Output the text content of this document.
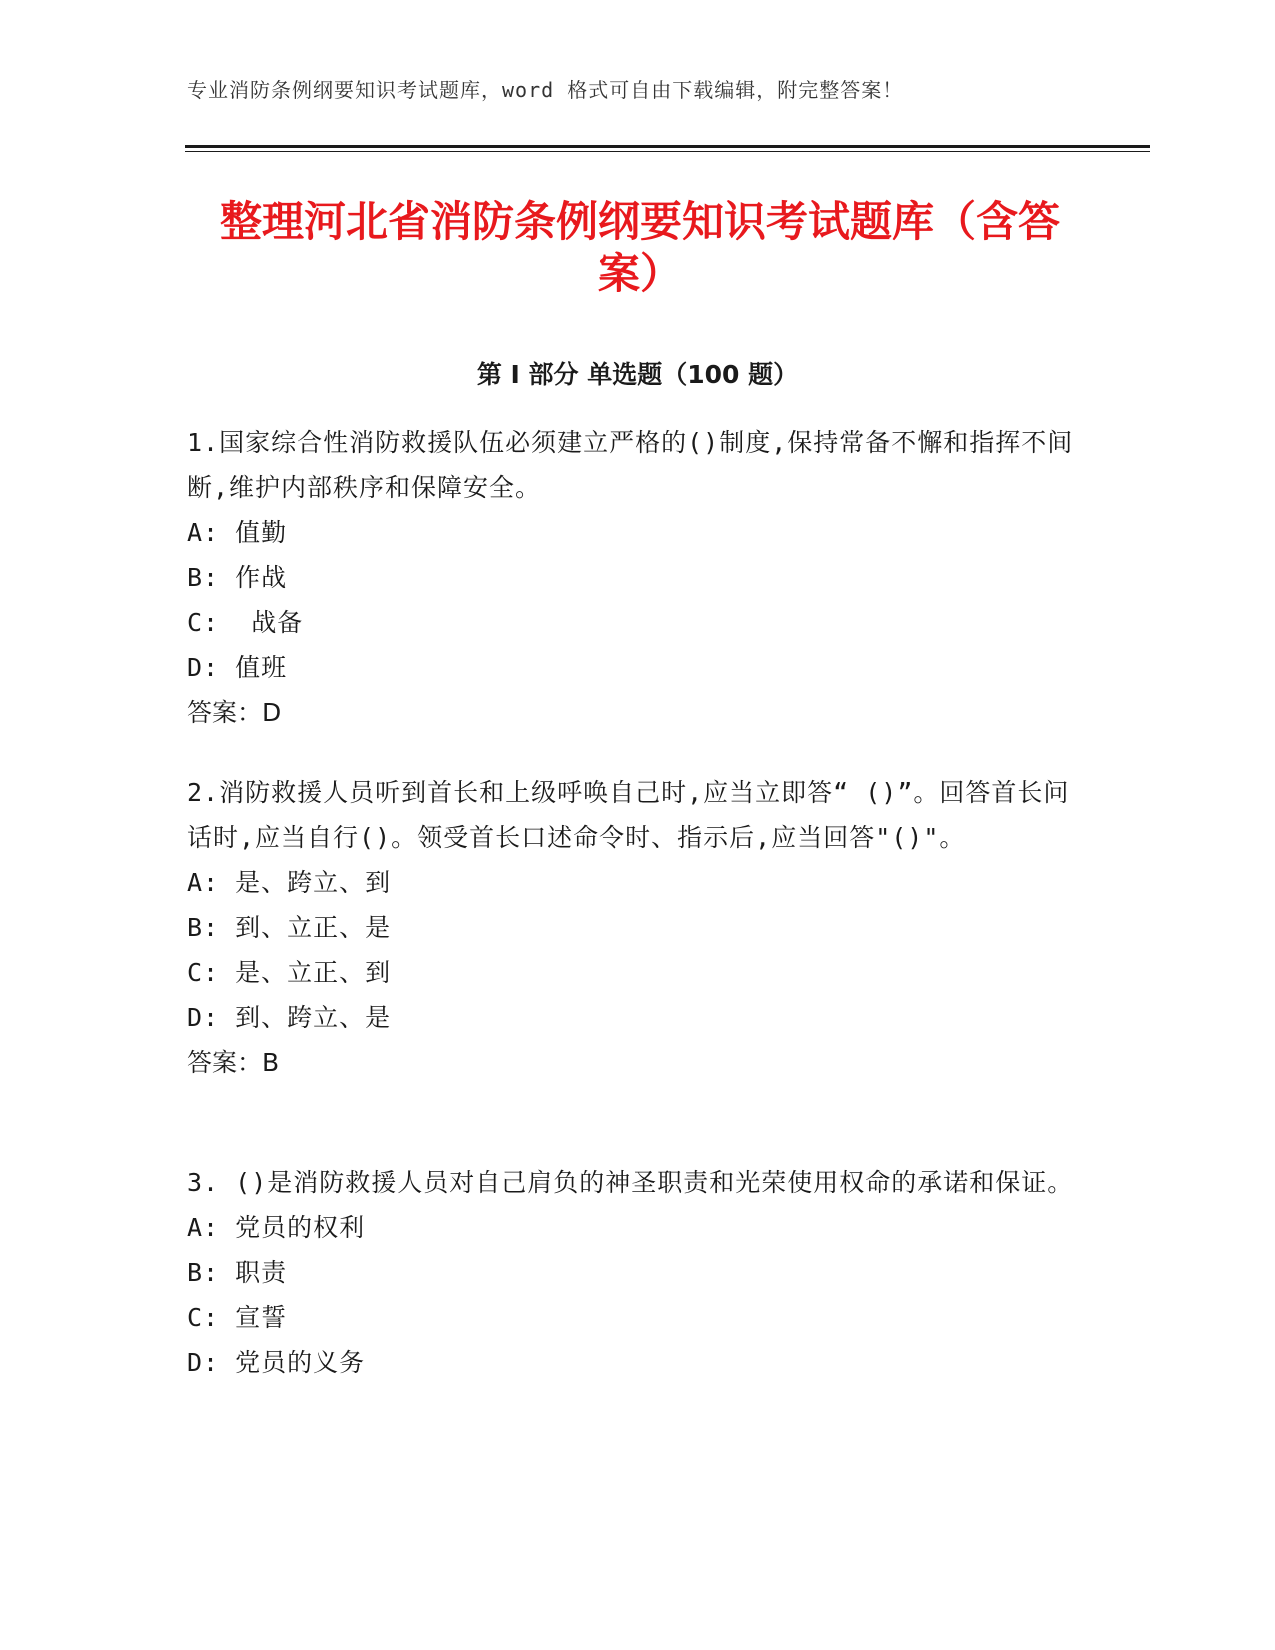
专业消防条例纲要知识考试题库，word 格式可自由下载编辑，附完整答案！
整理河北省消防条例纲要知识考试题库（含答案）
第 I 部分 单选题（100 题）

1.国家综合性消防救援队伍必须建立严格的()制度,保持常备不懈和指挥不间断,维护内部秩序和保障安全。

A: 值勤

B: 作战

C:  战备

D: 值班

答案：D

2.消防救援人员听到首长和上级呼唤自己时,应当立即答“ ()”。回答首长问话时,应当自行()。领受首长口述命令时、指示后,应当回答"()"。

A: 是、跨立、到

B: 到、立正、是

C: 是、立正、到

D: 到、跨立、是

答案：B

3. ()是消防救援人员对自己肩负的神圣职责和光荣使用权命的承诺和保证。

A: 党员的权利

B: 职责

C: 宣誓

D: 党员的义务
